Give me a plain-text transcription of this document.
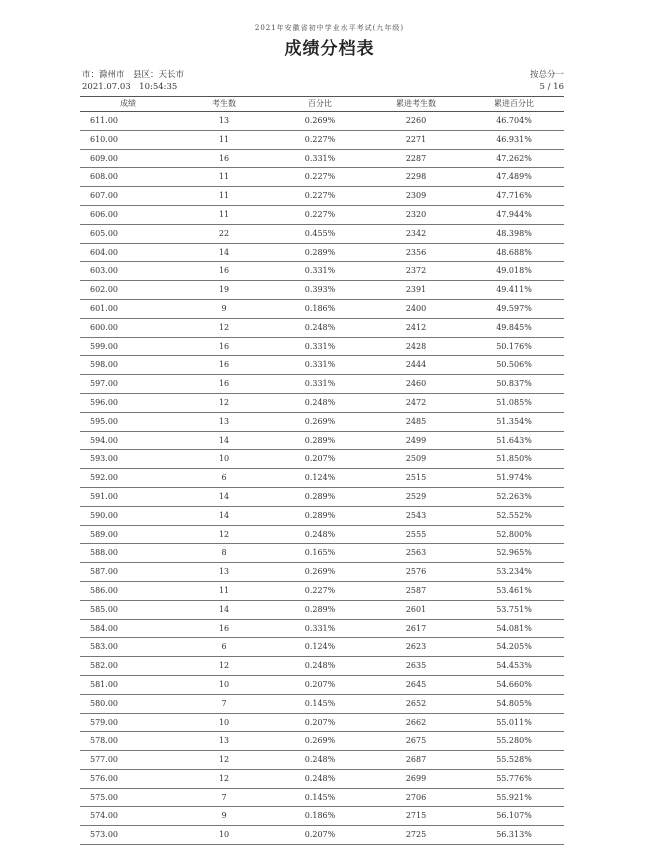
2021年安徽省初中学业水平考试(九年级)
成绩分档表
市：滁州市　县区：天长市
2021.07.03　10:54:35
按总分一
5 / 16
成绩	考生数	百分比	累进考生数	累进百分比
611.00	13	0.269%	2260	46.704%
610.00	11	0.227%	2271	46.931%
609.00	16	0.331%	2287	47.262%
608.00	11	0.227%	2298	47.489%
607.00	11	0.227%	2309	47.716%
606.00	11	0.227%	2320	47.944%
605.00	22	0.455%	2342	48.398%
604.00	14	0.289%	2356	48.688%
603.00	16	0.331%	2372	49.018%
602.00	19	0.393%	2391	49.411%
601.00	9	0.186%	2400	49.597%
600.00	12	0.248%	2412	49.845%
599.00	16	0.331%	2428	50.176%
598.00	16	0.331%	2444	50.506%
597.00	16	0.331%	2460	50.837%
596.00	12	0.248%	2472	51.085%
595.00	13	0.269%	2485	51.354%
594.00	14	0.289%	2499	51.643%
593.00	10	0.207%	2509	51.850%
592.00	6	0.124%	2515	51.974%
591.00	14	0.289%	2529	52.263%
590.00	14	0.289%	2543	52.552%
589.00	12	0.248%	2555	52.800%
588.00	8	0.165%	2563	52.965%
587.00	13	0.269%	2576	53.234%
586.00	11	0.227%	2587	53.461%
585.00	14	0.289%	2601	53.751%
584.00	16	0.331%	2617	54.081%
583.00	6	0.124%	2623	54.205%
582.00	12	0.248%	2635	54.453%
581.00	10	0.207%	2645	54.660%
580.00	7	0.145%	2652	54.805%
579.00	10	0.207%	2662	55.011%
578.00	13	0.269%	2675	55.280%
577.00	12	0.248%	2687	55.528%
576.00	12	0.248%	2699	55.776%
575.00	7	0.145%	2706	55.921%
574.00	9	0.186%	2715	56.107%
573.00	10	0.207%	2725	56.313%
